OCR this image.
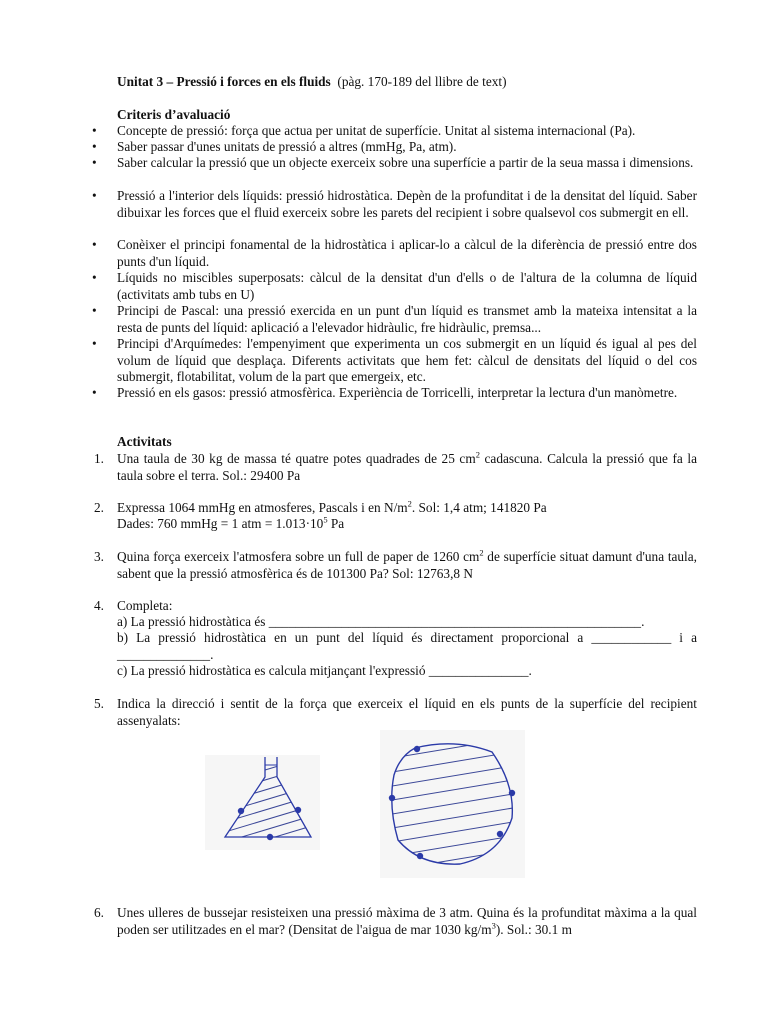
Unitat 3 – Pressió i forces en els fluids (pàg. 170-189 del llibre de text)
Criteris d’avaluació
• Concepte de pressió: força que actua per unitat de superfície. Unitat al sistema internacional (Pa).
• Saber passar d'unes unitats de pressió a altres (mmHg, Pa, atm).
• Saber calcular la pressió que un objecte exerceix sobre una superfície a partir de la seua massa i dimensions.
• Pressió a l'interior dels líquids: pressió hidrostàtica. Depèn de la profunditat i de la densitat del líquid. Saber dibuixar les forces que el fluid exerceix sobre les parets del recipient i sobre qualsevol cos submergit en ell.
• Conèixer el principi fonamental de la hidrostàtica i aplicar-lo a càlcul de la diferència de pressió entre dos punts d'un líquid.
• Líquids no miscibles superposats: càlcul de la densitat d'un d'ells o de l'altura de la columna de líquid (activitats amb tubs en U)
• Principi de Pascal: una pressió exercida en un punt d'un líquid es transmet amb la mateixa intensitat a la resta de punts del líquid: aplicació a l'elevador hidràulic, fre hidràulic, premsa...
• Principi d'Arquímedes: l'empenyiment que experimenta un cos submergit en un líquid és igual al pes del volum de líquid que desplaça. Diferents activitats que hem fet: càlcul de densitats del líquid o del cos submergit, flotabilitat, volum de la part que emergeix, etc.
• Pressió en els gasos: pressió atmosfèrica. Experiència de Torricelli, interpretar la lectura d'un manòmetre.
Activitats
1. Una taula de 30 kg de massa té quatre potes quadrades de 25 $cm^2$ cadascuna. Calcula la pressió que fa la taula sobre el terra. Sol.: 29400 Pa
2. Expressa 1064 mmHg en atmosferes, Pascals i en $N/m^2$. Sol: 1,4 atm; 141820 Pa
Dades: 760 mmHg = 1 atm = $1.013\cdot 10^5$ Pa
3. Quina força exerceix l'atmosfera sobre un full de paper de 1260 $cm^2$ de superfície situat damunt d'una taula, sabent que la pressió atmosfèrica és de 101300 Pa? Sol: 12763,8 N
4. Completa:
a) La pressió hidrostàtica és ________________________________________________________.
b) La pressió hidrostàtica en un punt del líquid és directament proporcional a ____________ i a ______________.
c) La pressió hidrostàtica es calcula mitjançant l'expressió _______________.
5. Indica la direcció i sentit de la força que exerceix el líquid en els punts de la superfície del recipient assenyalats:
6. Unes ulleres de bussejar resisteixen una pressió màxima de 3 atm. Quina és la profunditat màxima a la qual poden ser utilitzades en el mar? (Densitat de l'aigua de mar 1030 $kg/m^3$). Sol.: 30.1 m
